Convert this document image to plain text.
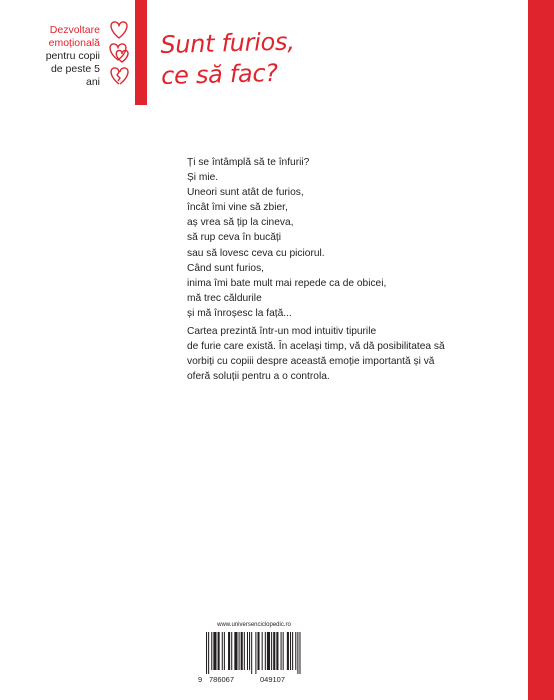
Dezvoltare
emoțională
pentru copii
de peste 5 ani
Sunt furios,
ce să fac?
Ți se întâmplă să te înfurii?
Și mie.
Uneori sunt atât de furios,
încât îmi vine să zbier,
aș vrea să țip la cineva,
să rup ceva în bucăți
sau să lovesc ceva cu piciorul.
Când sunt furios,
inima îmi bate mult mai repede ca de obicei,
mă trec căldurile
și mă înroșesc la față...
Cartea prezintă într-un mod intuitiv tipurile
de furie care există. În același timp, vă dă posibilitatea să
vorbiți cu copiii despre această emoție importantă și vă
oferă soluții pentru a o controla.
www.universenciclopedic.ro
9 786067	049107
